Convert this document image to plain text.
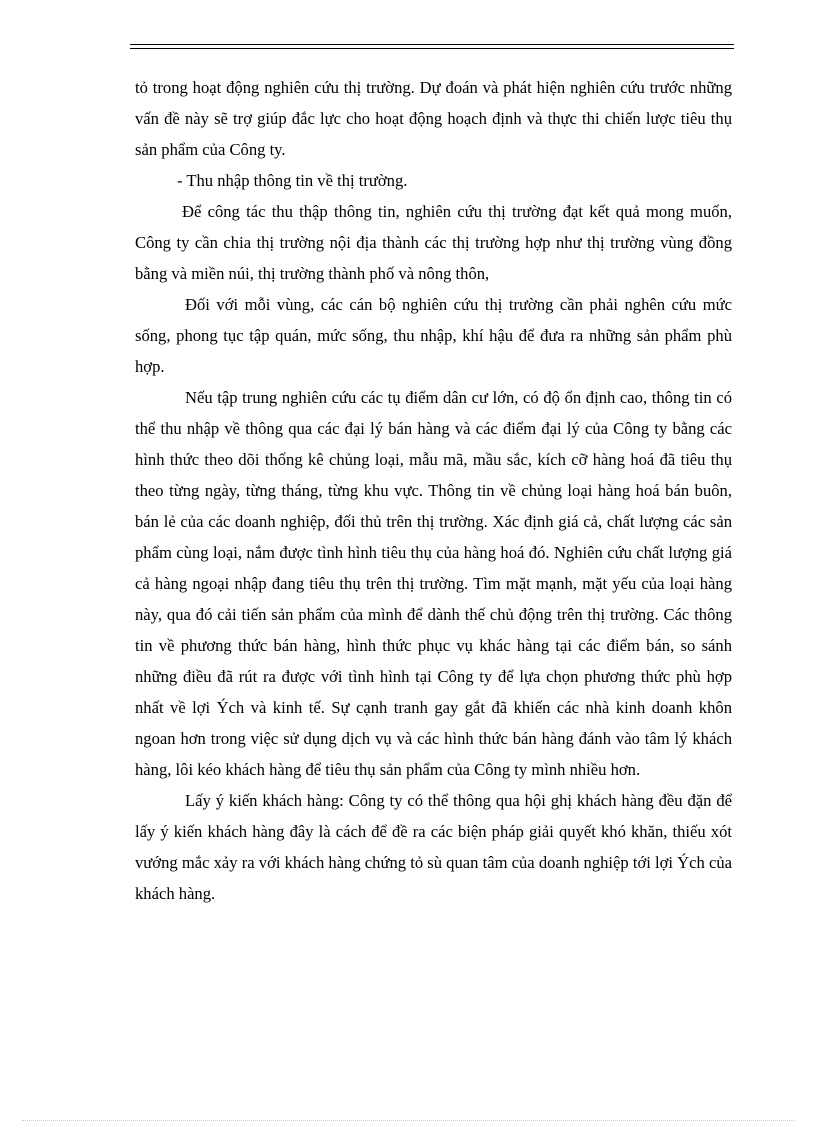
tỏ trong hoạt động nghiên cứu thị trường. Dự đoán và phát hiện nghiên cứu trước những vấn đề này sẽ trợ giúp đắc lực cho hoạt động hoạch định và thực thi chiến lược tiêu thụ sản phẩm của Công ty.

- Thu nhập thông tin về thị trường.

Để công tác thu thập thông tin, nghiên cứu thị trường đạt kết quả mong muốn, Công ty cần chia thị trường nội địa thành các thị trường hợp như thị trường vùng đồng bằng và miền núi, thị trường thành phố và nông thôn,

Đối với mỗi vùng, các cán bộ nghiên cứu thị trường cần phải nghên cứu mức sống, phong tục tập quán, mức sống, thu nhập, khí hậu để đưa ra những sản phẩm phù hợp.

Nếu tập trung nghiên cứu các tụ điểm dân cư lớn, có độ ổn định cao, thông tin có thể thu nhập về thông qua các đại lý bán hàng và các điểm đại lý của Công ty bằng các hình thức theo dõi thống kê chủng loại, mẫu mã, mầu sắc, kích cỡ hàng hoá đã tiêu thụ theo từng ngày, từng tháng, từng khu vực. Thông tin về chủng loại hàng hoá bán buôn, bán lẻ của các doanh nghiệp, đối thủ trên thị trường. Xác định giá cả, chất lượng các sản phẩm cùng loại, nắm được tình hình tiêu thụ của hàng hoá đó. Nghiên cứu chất lượng giá cả hàng ngoại nhập đang tiêu thụ trên thị trường. Tìm mặt mạnh, mặt yếu của loại hàng này, qua đó cải tiến sản phẩm của mình để dành thế chủ động trên thị trường. Các thông tin về phương thức bán hàng, hình thức phục vụ khác hàng tại các điểm bán, so sánh những điều đã rút ra được với tình hình tại Công ty để lựa chọn phương thức phù hợp nhất về lợi Ých và kinh tế. Sự cạnh tranh gay gắt đã khiến các nhà kinh doanh khôn ngoan hơn trong việc sử dụng dịch vụ và các hình thức bán hàng đánh vào tâm lý khách hàng, lôi kéo khách hàng để tiêu thụ sản phẩm của Công ty mình nhiều hơn.

Lấy ý kiến khách hàng: Công ty có thể thông qua hội ghị khách hàng đều đặn để lấy ý kiến khách hàng đây là cách để đề ra các biện pháp giải quyết khó khăn, thiếu xót vướng mắc xảy ra với khách hàng chứng tỏ sù quan tâm của doanh nghiệp tới lợi Ých của khách hàng.
